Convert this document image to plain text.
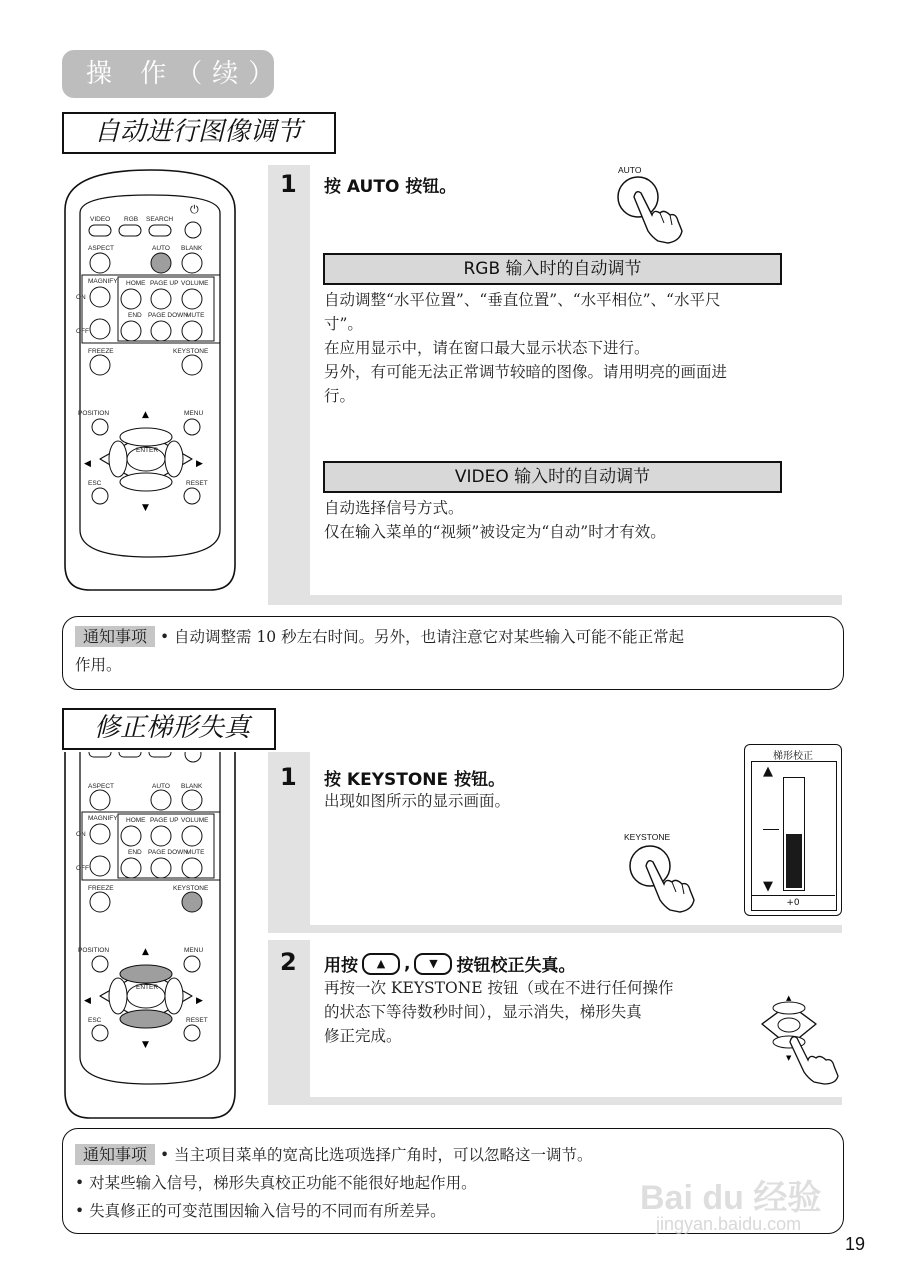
操 作（续）
自动进行图像调节
VIDEO RGB SEARCH
⏻
ASPECT	AUTO BLANK
MAGNIFY
ON
OFF
HOME PAGE UP VOLUME
END PAGE DOWN
MUTE
FREEZE	KEYSTONE
POSITION	MENU
▲
▼
◀	▶
ENTER
ESC	RESET
1 按 AUTO 按钮。
AUTO
RGB 输入时的自动调节
自动调整“水平位置”、“垂直位置”、“水平相位”、“水平尺
寸”。
在应用显示中，请在窗口最大显示状态下进行。
另外，有可能无法正常调节较暗的图像。请用明亮的画面进
行。
VIDEO 输入时的自动调节
自动选择信号方式。
仅在输入菜单的“视频”被设定为“自动”时才有效。
通知事项 • 自动调整需 10 秒左右时间。另外，也请注意它对某些输入可能不能正常起
作用。
修正梯形失真
ASPECT	AUTO BLANK
MAGNIFY
ON
OFF
HOME PAGE UP VOLUME
END PAGE DOWN
MUTE
FREEZE	KEYSTONE
POSITION	MENU
▲
▼
◀	▶
ENTER
ESC	RESET
1 按 KEYSTONE 按钮。
出现如图所示的显示画面。
KEYSTONE
梯形校正
▲
▼
+0
2 用按	▲	,	▼	按钮校正失真。
再按一次 KEYSTONE 按钮（或在不进行任何操作
的状态下等待数秒时间），显示消失，梯形失真
修正完成。
▲
▼
通知事项 • 当主项目菜单的宽高比选项选择广角时，可以忽略这一调节。
• 对某些输入信号，梯形失真校正功能不能很好地起作用。
• 失真修正的可变范围因输入信号的不同而有所差异。	Bai du 经验
jingyan.baidu.com
19
